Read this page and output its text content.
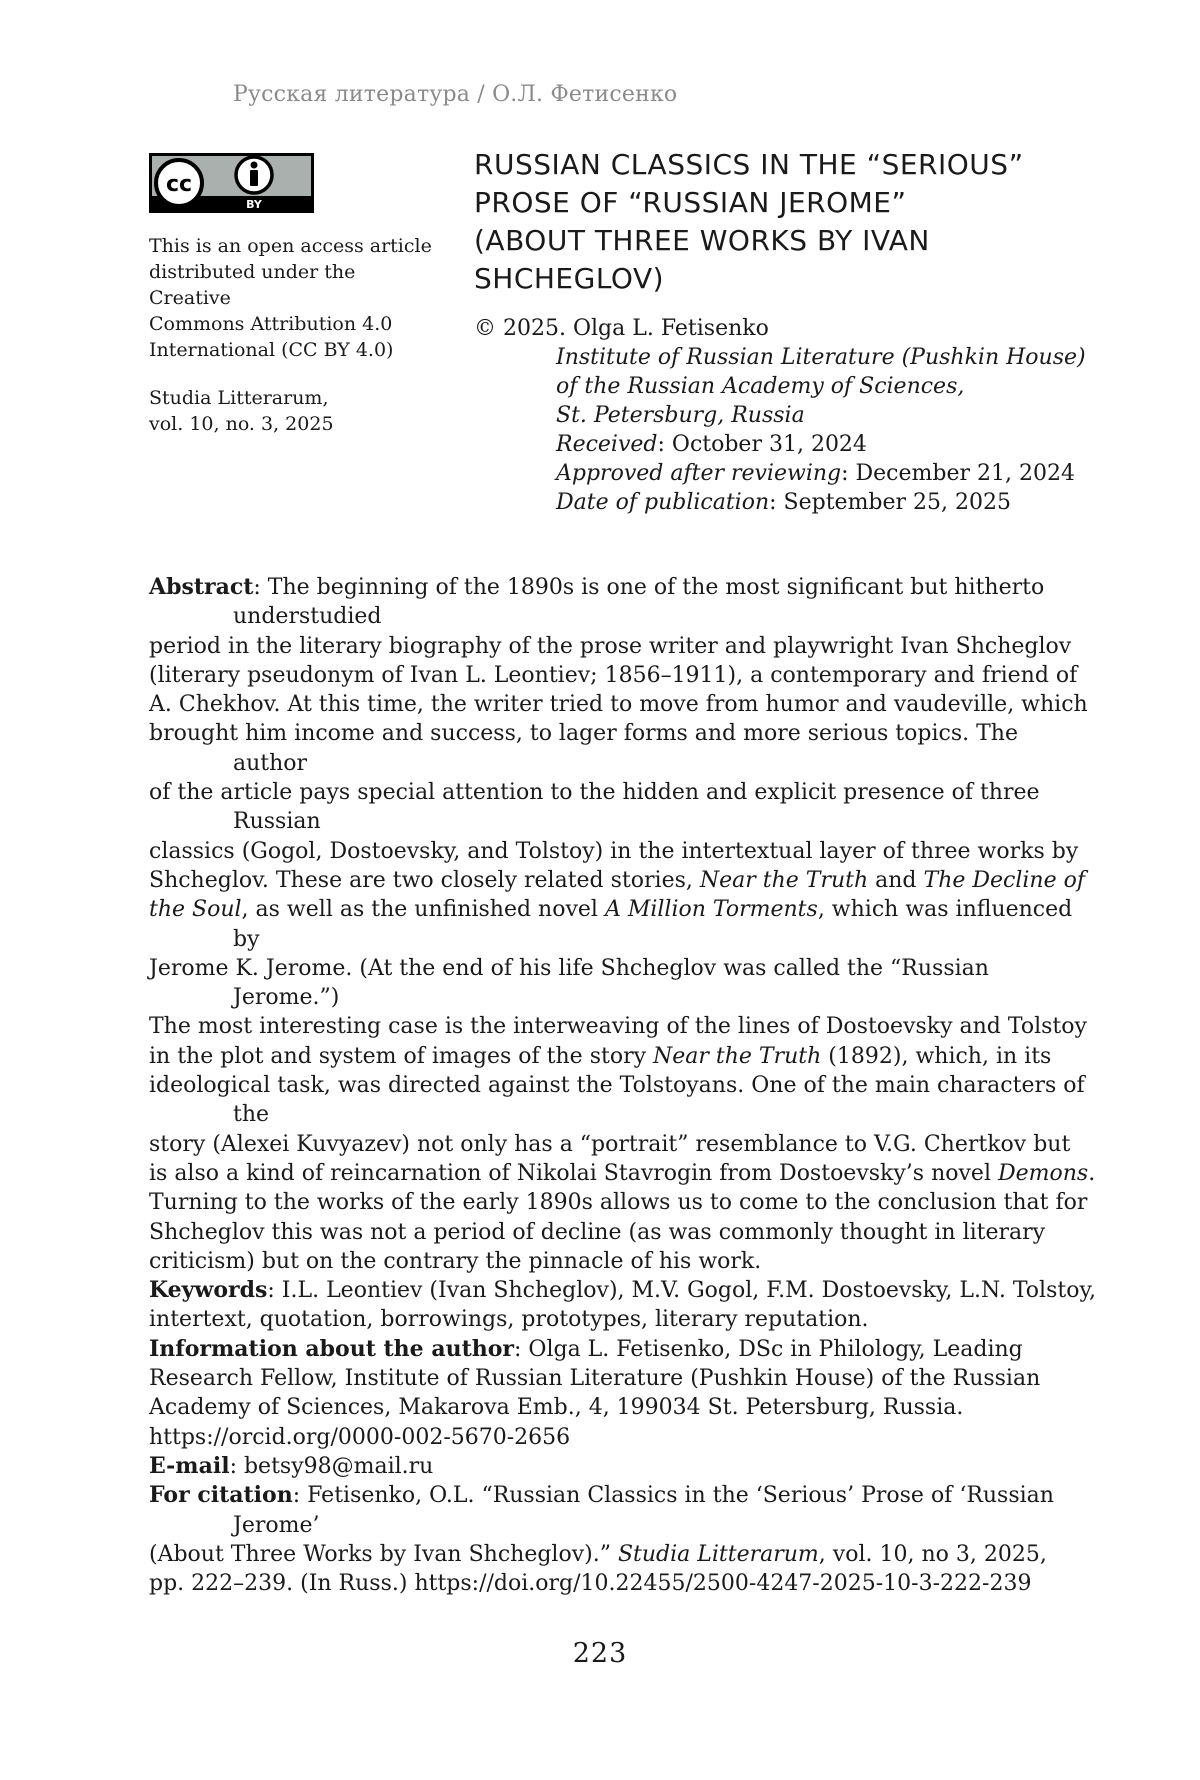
Русская литература / О.Л. Фетисенко
cc
BY
This is an open access article
distributed under the Creative
Commons Attribution 4.0
International (CC BY 4.0)
Studia Litterarum,
vol. 10, no. 3, 2025
RUSSIAN CLASSICS IN THE “SERIOUS”
PROSE OF “RUSSIAN JEROME”
(ABOUT THREE WORKS BY IVAN
SHCHEGLOV)
© 2025. Olga L. Fetisenko
Institute of Russian Literature (Pushkin House)
of the Russian Academy of Sciences,
St. Petersburg, Russia
Received: October 31, 2024
Approved after reviewing: December 21, 2024
Date of publication: September 25, 2025

Abstract: The beginning of the 1890s is one of the most significant but hitherto understudied
period in the literary biography of the prose writer and playwright Ivan Shcheglov
(literary pseudonym of Ivan L. Leontiev; 1856–1911), a contemporary and friend of
A. Chekhov. At this time, the writer tried to move from humor and vaudeville, which
brought him income and success, to lager forms and more serious topics. The author
of the article pays special attention to the hidden and explicit presence of three Russian
classics (Gogol, Dostoevsky, and Tolstoy) in the intertextual layer of three works by
Shcheglov. These are two closely related stories, Near the Truth and The Decline of
the Soul, as well as the unfinished novel A Million Torments, which was influenced by
Jerome K. Jerome. (At the end of his life Shcheglov was called the “Russian Jerome.”)
The most interesting case is the interweaving of the lines of Dostoevsky and Tolstoy
in the plot and system of images of the story Near the Truth (1892), which, in its
ideological task, was directed against the Tolstoyans. One of the main characters of the
story (Alexei Kuvyazev) not only has a “portrait” resemblance to V.G. Chertkov but
is also a kind of reincarnation of Nikolai Stavrogin from Dostoevsky’s novel Demons.
Turning to the works of the early 1890s allows us to come to the conclusion that for
Shcheglov this was not a period of decline (as was commonly thought in literary
criticism) but on the contrary the pinnacle of his work.

Keywords: I.L. Leontiev (Ivan Shcheglov), M.V. Gogol, F.M. Dostoevsky, L.N. Tolstoy,
intertext, quotation, borrowings, prototypes, literary reputation.

Information about the author: Olga L. Fetisenko, DSc in Philology, Leading
Research Fellow, Institute of Russian Literature (Pushkin House) of the Russian
Academy of Sciences, Makarova Emb., 4, 199034 St. Petersburg, Russia.
https://orcid.org/0000-002-5670-2656

E-mail: betsy98@mail.ru

For citation: Fetisenko, O.L. “Russian Classics in the ‘Serious’ Prose of ‘Russian Jerome’
(About Three Works by Ivan Shcheglov).” Studia Litterarum, vol. 10, no 3, 2025,
pp. 222–239. (In Russ.) https://doi.org/10.22455/2500-4247-2025-10-3-222-239

223
